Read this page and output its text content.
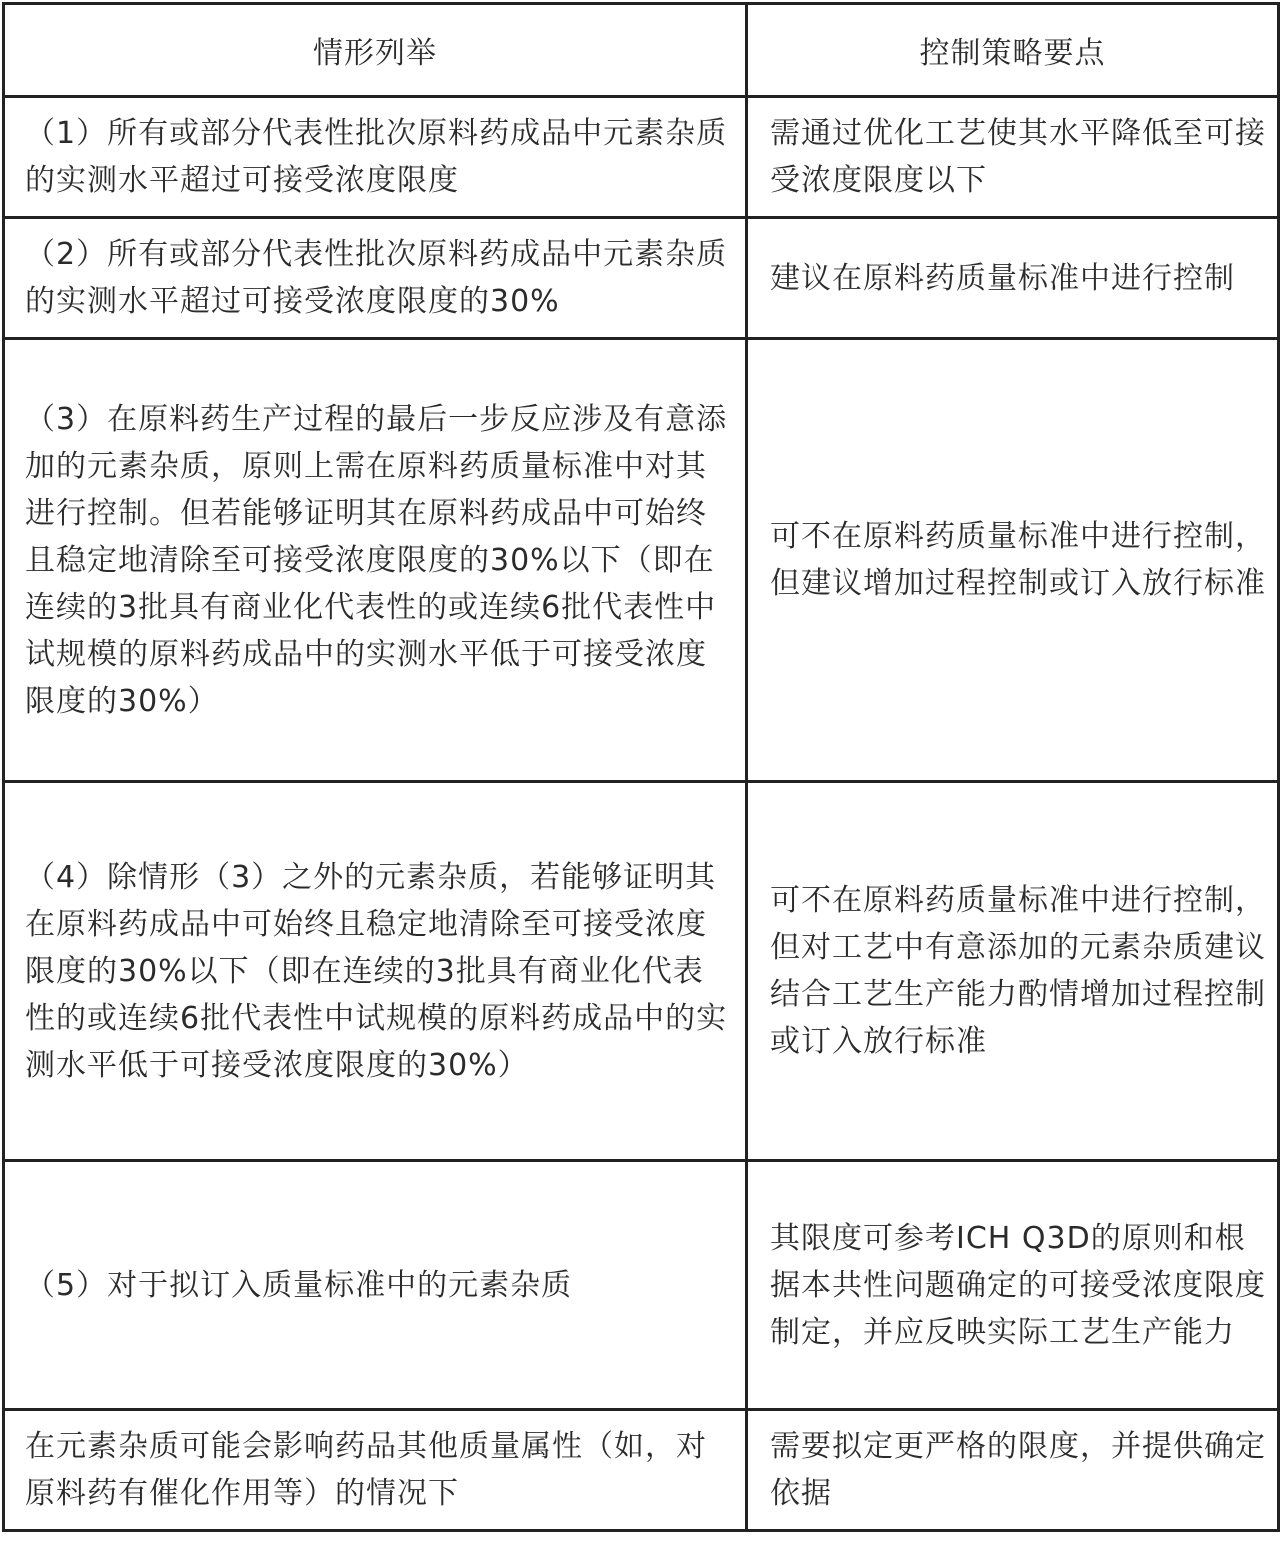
情形列举	控制策略要点
（1）所有或部分代表性批次原料药成品中元素杂质的实测水平超过可接受浓度限度	需通过优化工艺使其水平降低至可接受浓度限度以下
（2）所有或部分代表性批次原料药成品中元素杂质的实测水平超过可接受浓度限度的30%	建议在原料药质量标准中进行控制
（3）在原料药生产过程的最后一步反应涉及有意添加的元素杂质，原则上需在原料药质量标准中对其进行控制。但若能够证明其在原料药成品中可始终且稳定地清除至可接受浓度限度的30%以下（即在连续的3批具有商业化代表性的或连续6批代表性中试规模的原料药成品中的实测水平低于可接受浓度限度的30%）	可不在原料药质量标准中进行控制，但建议增加过程控制或订入放行标准
（4）除情形（3）之外的元素杂质，若能够证明其在原料药成品中可始终且稳定地清除至可接受浓度限度的30%以下（即在连续的3批具有商业化代表性的或连续6批代表性中试规模的原料药成品中的实测水平低于可接受浓度限度的30%）	可不在原料药质量标准中进行控制，但对工艺中有意添加的元素杂质建议结合工艺生产能力酌情增加过程控制或订入放行标准
（5）对于拟订入质量标准中的元素杂质	其限度可参考ICH Q3D的原则和根据本共性问题确定的可接受浓度限度制定，并应反映实际工艺生产能力
在元素杂质可能会影响药品其他质量属性（如，对原料药有催化作用等）的情况下	需要拟定更严格的限度，并提供确定依据
